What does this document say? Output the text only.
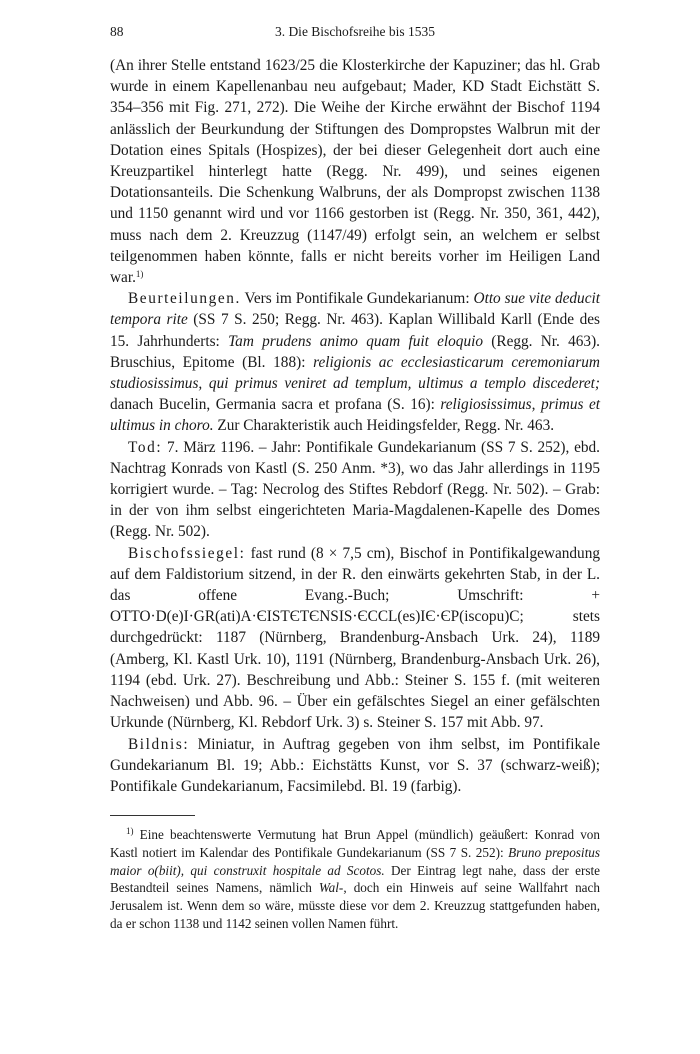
88	3. Die Bischofsreihe bis 1535

(An ihrer Stelle entstand 1623/25 die Klosterkirche der Kapuziner; das hl. Grab wurde in einem Kapellenanbau neu aufgebaut; Mader, KD Stadt Eichstätt S. 354–356 mit Fig. 271, 272). Die Weihe der Kirche erwähnt der Bischof 1194 anlässlich der Beurkundung der Stiftungen des Dompropstes Walbrun mit der Dotation eines Spitals (Hospizes), der bei dieser Gelegenheit dort auch eine Kreuzpartikel hinterlegt hatte (Regg. Nr. 499), und seines eigenen Dotationsanteils. Die Schenkung Walbruns, der als Dompropst zwischen 1138 und 1150 genannt wird und vor 1166 gestorben ist (Regg. Nr. 350, 361, 442), muss nach dem 2. Kreuzzug (1147/49) erfolgt sein, an welchem er selbst teilgenommen haben könnte, falls er nicht bereits vorher im Heiligen Land war.$^{1)}$

Beurteilungen. Vers im Pontifikale Gundekarianum: Otto sue vite deducit tempora rite (SS 7 S. 250; Regg. Nr. 463). Kaplan Willibald Karll (Ende des 15. Jahrhunderts: Tam prudens animo quam fuit eloquio (Regg. Nr. 463). Bruschius, Epitome (Bl. 188): religionis ac ecclesiasticarum ceremoniarum studiosissimus, qui primus veniret ad templum, ultimus a templo discederet; danach Bucelin, Germania sacra et profana (S. 16): religiosissimus, primus et ultimus in choro. Zur Charakteristik auch Heidingsfelder, Regg. Nr. 463.

Tod: 7. März 1196. – Jahr: Pontifikale Gundekarianum (SS 7 S. 252), ebd. Nachtrag Konrads von Kastl (S. 250 Anm. *3), wo das Jahr allerdings in 1195 korrigiert wurde. – Tag: Necrolog des Stiftes Rebdorf (Regg. Nr. 502). – Grab: in der von ihm selbst eingerichteten Maria-Magdalenen-Kapelle des Domes (Regg. Nr. 502).

Bischofssiegel: fast rund (8 × 7,5 cm), Bischof in Pontifikalgewandung auf dem Faldistorium sitzend, in der R. den einwärts gekehrten Stab, in der L. das offene Evang.-Buch; Umschrift: + OTTO·D(e)I·GR(ati)A·ЄISTЄTЄNSIS·ЄCCL(es)IЄ·ЄP(iscopu)C; stets durchgedrückt: 1187 (Nürnberg, Brandenburg-Ansbach Urk. 24), 1189 (Amberg, Kl. Kastl Urk. 10), 1191 (Nürnberg, Brandenburg-Ansbach Urk. 26), 1194 (ebd. Urk. 27). Beschreibung und Abb.: Steiner S. 155 f. (mit weiteren Nachweisen) und Abb. 96. – Über ein gefälschtes Siegel an einer gefälschten Urkunde (Nürnberg, Kl. Rebdorf Urk. 3) s. Steiner S. 157 mit Abb. 97.

Bildnis: Miniatur, in Auftrag gegeben von ihm selbst, im Pontifikale Gundekarianum Bl. 19; Abb.: Eichstätts Kunst, vor S. 37 (schwarz-weiß); Pontifikale Gundekarianum, Facsimilebd. Bl. 19 (farbig).

$^{1)}$ Eine beachtenswerte Vermutung hat Brun Appel (mündlich) geäußert: Konrad von Kastl notiert im Kalendar des Pontifikale Gundekarianum (SS 7 S. 252): Bruno prepositus maior o(biit), qui construxit hospitale ad Scotos. Der Eintrag legt nahe, dass der erste Bestandteil seines Namens, nämlich Wal-, doch ein Hinweis auf seine Wallfahrt nach Jerusalem ist. Wenn dem so wäre, müsste diese vor dem 2. Kreuzzug stattgefunden haben, da er schon 1138 und 1142 seinen vollen Namen führt.
